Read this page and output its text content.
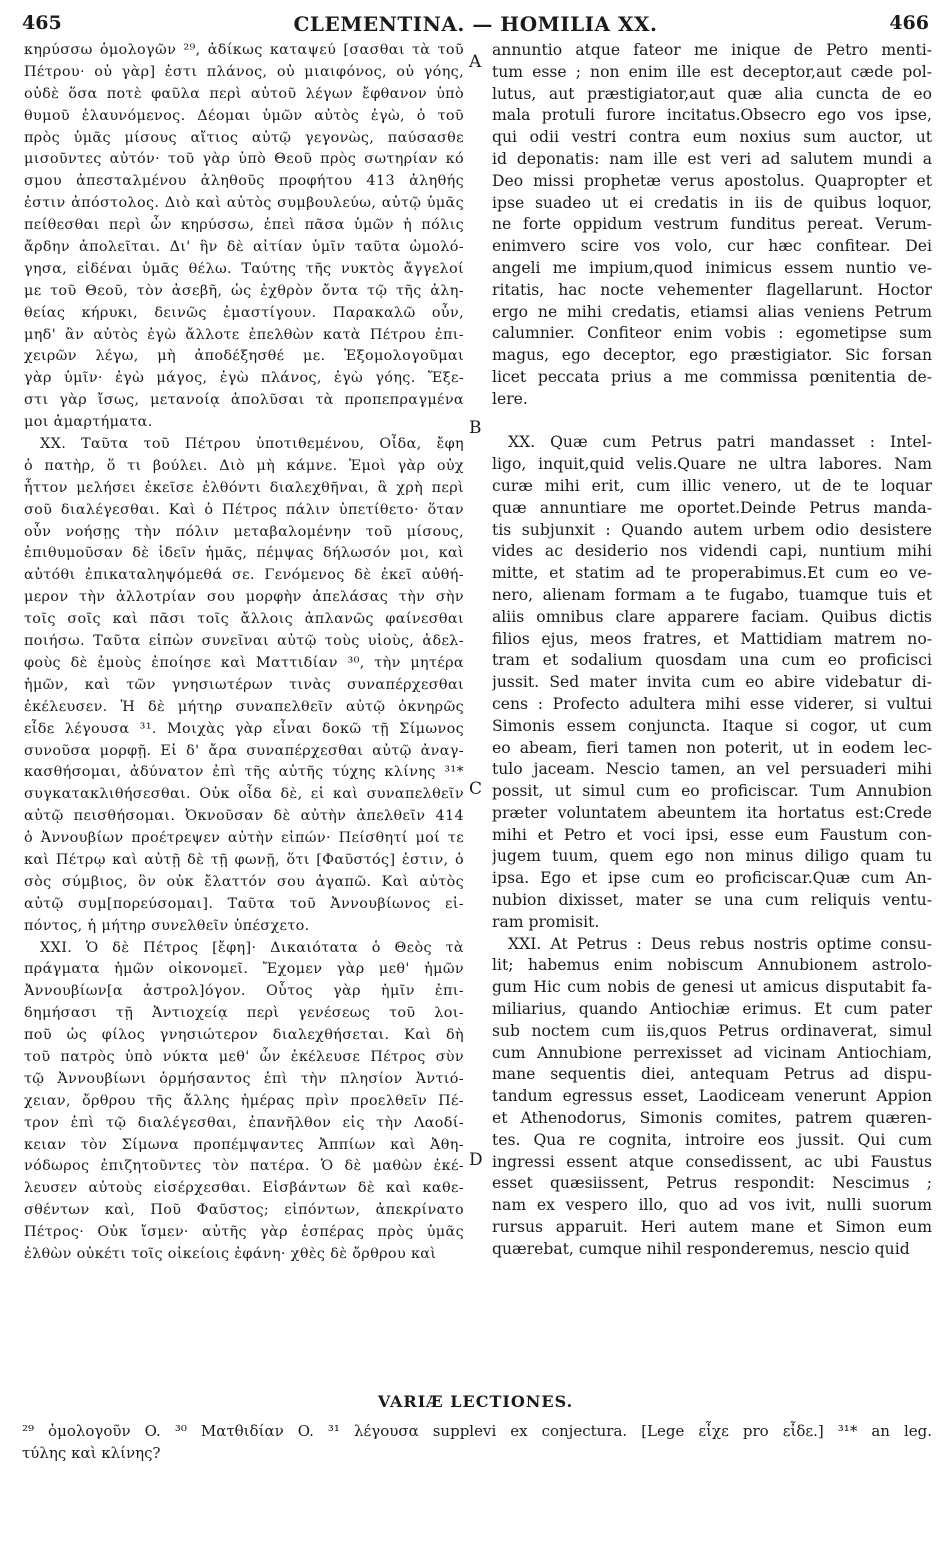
CLEMENTINA. — HOMILIA XX.
465	466
κηρύσσω ὁμολογῶν ²⁹, ἀδίκως καταψεύ [σασθαι τὰ τοῦ
Πέτρου· οὐ γὰρ] ἐστι πλάνος, οὐ μιαιφόνος, οὐ γόης,
οὐδὲ ὅσα ποτὲ φαῦλα περὶ αὐτοῦ λέγων ἔφθανον ὑπὸ
θυμοῦ ἐλαυνόμενος. Δέομαι ὑμῶν αὐτὸς ἐγὼ, ὁ τοῦ
πρὸς ὑμᾶς μίσους αἴτιος αὐτῷ γεγονὼς, παύσασθε
μισοῦντες αὐτόν· τοῦ γὰρ ὑπὸ Θεοῦ πρὸς σωτηρίαν κό
σμου ἀπεσταλμένου ἀληθοῦς προφήτου 413 ἀληθής
ἐστιν ἀπόστολος. Διὸ καὶ αὐτὸς συμβουλεύω, αὐτῷ ὑμᾶς
πείθεσθαι περὶ ὧν κηρύσσω, ἐπεὶ πᾶσα ὑμῶν ἡ πόλις
ἄρδην ἀπολεῖται. Δι' ἣν δὲ αἰτίαν ὑμῖν ταῦτα ὡμολό-
γησα, εἰδέναι ὑμᾶς θέλω. Ταύτης τῆς νυκτὸς ἄγγελοί
με τοῦ Θεοῦ, τὸν ἀσεβῆ, ὡς ἐχθρὸν ὄντα τῷ τῆς ἀλη-
θείας κήρυκι, δεινῶς ἐμαστίγουν. Παρακαλῶ οὖν,
μηδ' ἂν αὐτὸς ἐγὼ ἄλλοτε ἐπελθὼν κατὰ Πέτρου ἐπι-
χειρῶν λέγω, μὴ ἀποδέξησθέ με. Ἐξομολογοῦμαι
γὰρ ὑμῖν· ἐγὼ μάγος, ἐγὼ πλάνος, ἐγὼ γόης. Ἔξε-
στι γὰρ ἴσως, μετανοίᾳ ἀπολῦσαι τὰ προπεπραγμένα
μοι ἁμαρτήματα.
XX. Ταῦτα τοῦ Πέτρου ὑποτιθεμένου, Οἶδα, ἔφη
ὁ πατὴρ, ὅ τι βούλει. Διὸ μὴ κάμνε. Ἐμοὶ γὰρ οὐχ
ἧττον μελήσει ἐκεῖσε ἐλθόντι διαλεχθῆναι, ἃ χρὴ περὶ
σοῦ διαλέγεσθαι. Καὶ ὁ Πέτρος πάλιν ὑπετίθετο· ὅταν
οὖν νοήσῃς τὴν πόλιν μεταβαλομένην τοῦ μίσους,
ἐπιθυμοῦσαν δὲ ἰδεῖν ἡμᾶς, πέμψας δήλωσόν μοι, καὶ
αὐτόθι ἐπικαταληψόμεθά σε. Γενόμενος δὲ ἐκεῖ αὐθή-
μερον τὴν ἀλλοτρίαν σου μορφὴν ἀπελάσας τὴν σὴν
τοῖς σοῖς καὶ πᾶσι τοῖς ἄλλοις ἀπλανῶς φαίνεσθαι
ποιήσω. Ταῦτα εἰπὼν συνεῖναι αὐτῷ τοὺς υἱοὺς, ἀδελ-
φοὺς δὲ ἐμοὺς ἐποίησε καὶ Ματτιδίαν ³⁰, τὴν μητέρα
ἡμῶν, καὶ τῶν γνησιωτέρων τινὰς συναπέρχεσθαι
ἐκέλευσεν. Ἡ δὲ μήτηρ συναπελθεῖν αὐτῷ ὀκνηρῶς
εἶδε λέγουσα ³¹. Μοιχὰς γὰρ εἶναι δοκῶ τῇ Σίμωνος
συνοῦσα μορφῇ. Εἰ δ' ἄρα συναπέρχεσθαι αὐτῷ ἀναγ-
κασθήσομαι, ἀδύνατον ἐπὶ τῆς αὐτῆς τύχης κλίνης ³¹*
συγκατακλιθήσεσθαι. Οὐκ οἶδα δὲ, εἰ καὶ συναπελθεῖν
αὐτῷ πεισθήσομαι. Ὀκνοῦσαν δὲ αὐτὴν ἀπελθεῖν 414
ὁ Ἀννουβίων προέτρεψεν αὐτὴν εἰπών· Πείσθητί μοί τε
καὶ Πέτρῳ καὶ αὐτῇ δὲ τῇ φωνῇ, ὅτι [Φαῦστός] ἐστιν, ὁ
σὸς σύμβιος, ὃν οὐκ ἔλαττόν σου ἀγαπῶ. Καὶ αὐτὸς
αὐτῷ συμ[πορεύσομαι]. Ταῦτα τοῦ Ἀννουβίωνος εἰ-
πόντος, ἡ μήτηρ συνελθεῖν ὑπέσχετο.
XXI. Ὁ δὲ Πέτρος [ἔφη]· Δικαιότατα ὁ Θεὸς τὰ
πράγματα ἡμῶν οἰκονομεῖ. Ἔχομεν γὰρ μεθ' ἡμῶν
Ἀννουβίων[α ἀστρολ]όγον. Οὗτος γὰρ ἡμῖν ἐπι-
δημήσασι τῇ Ἀντιοχείᾳ περὶ γενέσεως τοῦ λοι-
ποῦ ὡς φίλος γνησιώτερον διαλεχθήσεται. Καὶ δὴ
τοῦ πατρὸς ὑπὸ νύκτα μεθ' ὧν ἐκέλευσε Πέτρος σὺν
τῷ Ἀννουβίωνι ὁρμήσαντος ἐπὶ τὴν πλησίον Ἀντιό-
χειαν, ὄρθρου τῆς ἄλλης ἡμέρας πρὶν προελθεῖν Πέ-
τρον ἐπὶ τῷ διαλέγεσθαι, ἐπανῆλθον εἰς τὴν Λαοδί-
κειαν τὸν Σίμωνα προπέμψαντες Ἀππίων καὶ Ἀθη-
νόδωρος ἐπιζητοῦντες τὸν πατέρα. Ὁ δὲ μαθὼν ἐκέ-
λευσεν αὐτοὺς εἰσέρχεσθαι. Εἰσβάντων δὲ καὶ καθε-
σθέντων καὶ, Ποῦ Φαῦστος; εἰπόντων, ἀπεκρίνατο
Πέτρος· Οὐκ ἴσμεν· αὐτῆς γὰρ ἑσπέρας πρὸς ὑμᾶς
ἐλθὼν οὐκέτι τοῖς οἰκείοις ἐφάνη· χθὲς δὲ ὄρθρου καὶ
annuntio atque fateor me inique de Petro menti-
tum esse ; non enim ille est deceptor,aut cæde pol-
lutus, aut præstigiator,aut quæ alia cuncta de eo
mala protuli furore incitatus.Obsecro ego vos ipse,
qui odii vestri contra eum noxius sum auctor, ut
id deponatis: nam ille est veri ad salutem mundi a
Deo missi prophetæ verus apostolus. Quapropter et
ipse suadeo ut ei credatis in iis de quibus loquor,
ne forte oppidum vestrum funditus pereat. Verum-
enimvero scire vos volo, cur hæc confitear. Dei
angeli me impium,quod inimicus essem nuntio ve-
ritatis, hac nocte vehementer flagellarunt. Hoctor
ergo ne mihi credatis, etiamsi alias veniens Petrum
calumnier. Confiteor enim vobis : egometipse sum
magus, ego deceptor, ego præstigiator. Sic forsan
licet peccata prius a me commissa pœnitentia de-
lere.
XX. Quæ cum Petrus patri mandasset : Intel-
ligo, inquit,quid velis.Quare ne ultra labores. Nam
curæ mihi erit, cum illic venero, ut de te loquar
quæ annuntiare me oportet.Deinde Petrus manda-
tis subjunxit : Quando autem urbem odio desistere
vides ac desiderio nos videndi capi, nuntium mihi
mitte, et statim ad te properabimus.Et cum eo ve-
nero, alienam formam a te fugabo, tuamque tuis et
aliis omnibus clare apparere faciam. Quibus dictis
filios ejus, meos fratres, et Mattidiam matrem no-
tram et sodalium quosdam una cum eo proficisci
jussit. Sed mater invita cum eo abire videbatur di-
cens : Profecto adultera mihi esse viderer, si vultui
Simonis essem conjuncta. Itaque si cogor, ut cum
eo abeam, fieri tamen non poterit, ut in eodem lec-
tulo jaceam. Nescio tamen, an vel persuaderi mihi
possit, ut simul cum eo proficiscar. Tum Annubion
præter voluntatem abeuntem ita hortatus est:Crede
mihi et Petro et voci ipsi, esse eum Faustum con-
jugem tuum, quem ego non minus diligo quam tu
ipsa. Ego et ipse cum eo proficiscar.Quæ cum An-
nubion dixisset, mater se una cum reliquis ventu-
ram promisit.
XXI. At Petrus : Deus rebus nostris optime consu-
lit; habemus enim nobiscum Annubionem astrolo-
gum Hic cum nobis de genesi ut amicus disputabit fa-
miliarius, quando Antiochiæ erimus. Et cum pater
sub noctem cum iis,quos Petrus ordinaverat, simul
cum Annubione perrexisset ad vicinam Antiochiam,
mane sequentis diei, antequam Petrus ad dispu-
tandum egressus esset, Laodiceam venerunt Appion
et Athenodorus, Simonis comites, patrem quæren-
tes. Qua re cognita, introire eos jussit. Qui cum
ingressi essent atque consedissent, ac ubi Faustus
esset quæsiissent, Petrus respondit: Nescimus ;
nam ex vespero illo, quo ad vos ivit, nulli suorum
rursus apparuit. Heri autem mane et Simon eum
quærebat, cumque nihil responderemus, nescio quid
A
B
C
D
VARIÆ LECTIONES.
²⁹ ὁμολογοῦν O. ³⁰ Ματθιδίαν O. ³¹ λέγουσα supplevi ex conjectura. [Lege εἶχε pro εἶδε.] ³¹* an leg.
τύλης καὶ κλίνης?
